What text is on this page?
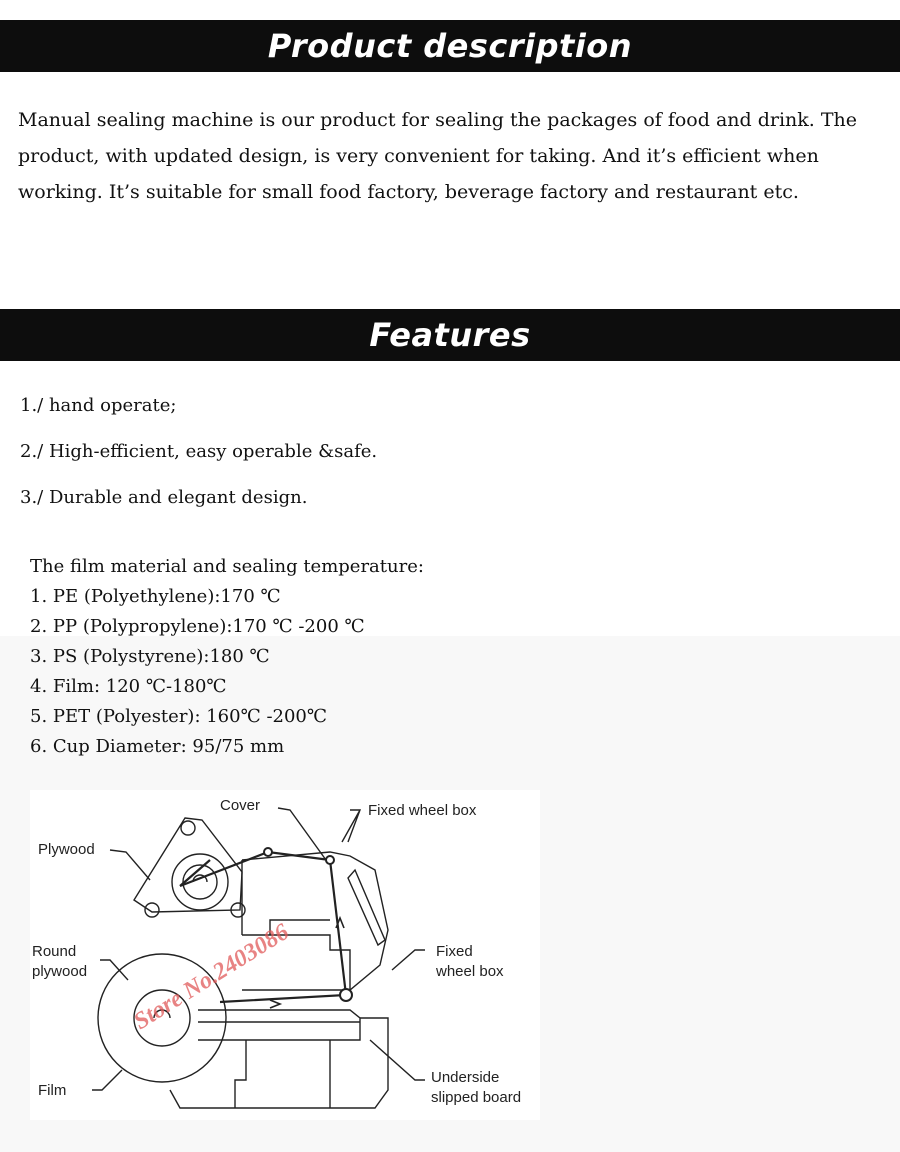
Product description
Manual sealing machine is our product for sealing the packages of food and drink. The
product, with updated design, is very convenient for taking. And it’s efficient when
working. It’s suitable for small food factory, beverage factory and restaurant etc.
Features
1./ hand operate;
2./ High-efficient, easy operable &safe.
3./ Durable and elegant design.
The film material and sealing temperature:
1. PE (Polyethylene):170 ℃
2. PP (Polypropylene):170 ℃ -200 ℃
3. PS (Polystyrene):180 ℃
4. Film: 120 ℃-180℃
5. PET (Polyester): 160℃ -200℃
6. Cup Diameter: 95/75 mm
Cover	Fixed wheel box
Plywood
Round
plywood
Fixed
wheel box
Film
Underside
slipped board
Store No.2403086
